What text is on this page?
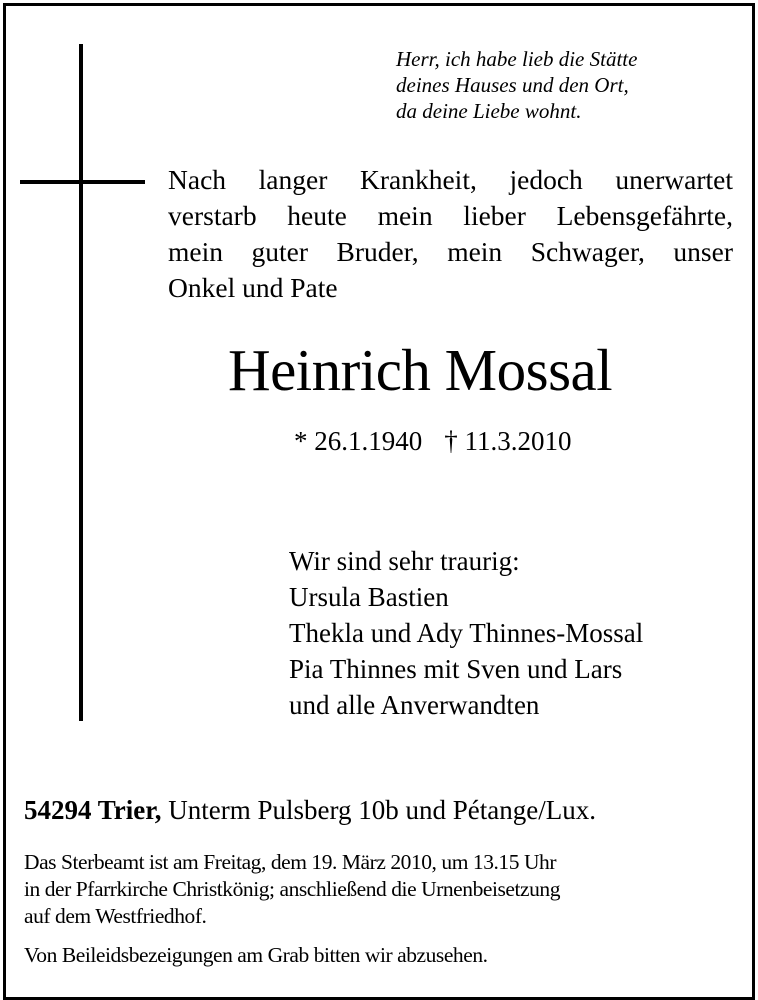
Herr, ich habe lieb die Stätte
deines Hauses und den Ort,
da deine Liebe wohnt.
Nach langer Krankheit, jedoch unerwartet
verstarb heute mein lieber Lebensgefährte,
mein guter Bruder, mein Schwager, unser
Onkel und Pate
Heinrich Mossal
* 26.1.1940 † 11.3.2010
Wir sind sehr traurig:
Ursula Bastien
Thekla und Ady Thinnes-Mossal
Pia Thinnes mit Sven und Lars
und alle Anverwandten
54294 Trier, Unterm Pulsberg 10b und Pétange/Lux.
Das Sterbeamt ist am Freitag, dem 19. März 2010, um 13.15 Uhr
in der Pfarrkirche Christkönig; anschließend die Urnenbeisetzung
auf dem Westfriedhof.
Von Beileidsbezeigungen am Grab bitten wir abzusehen.
